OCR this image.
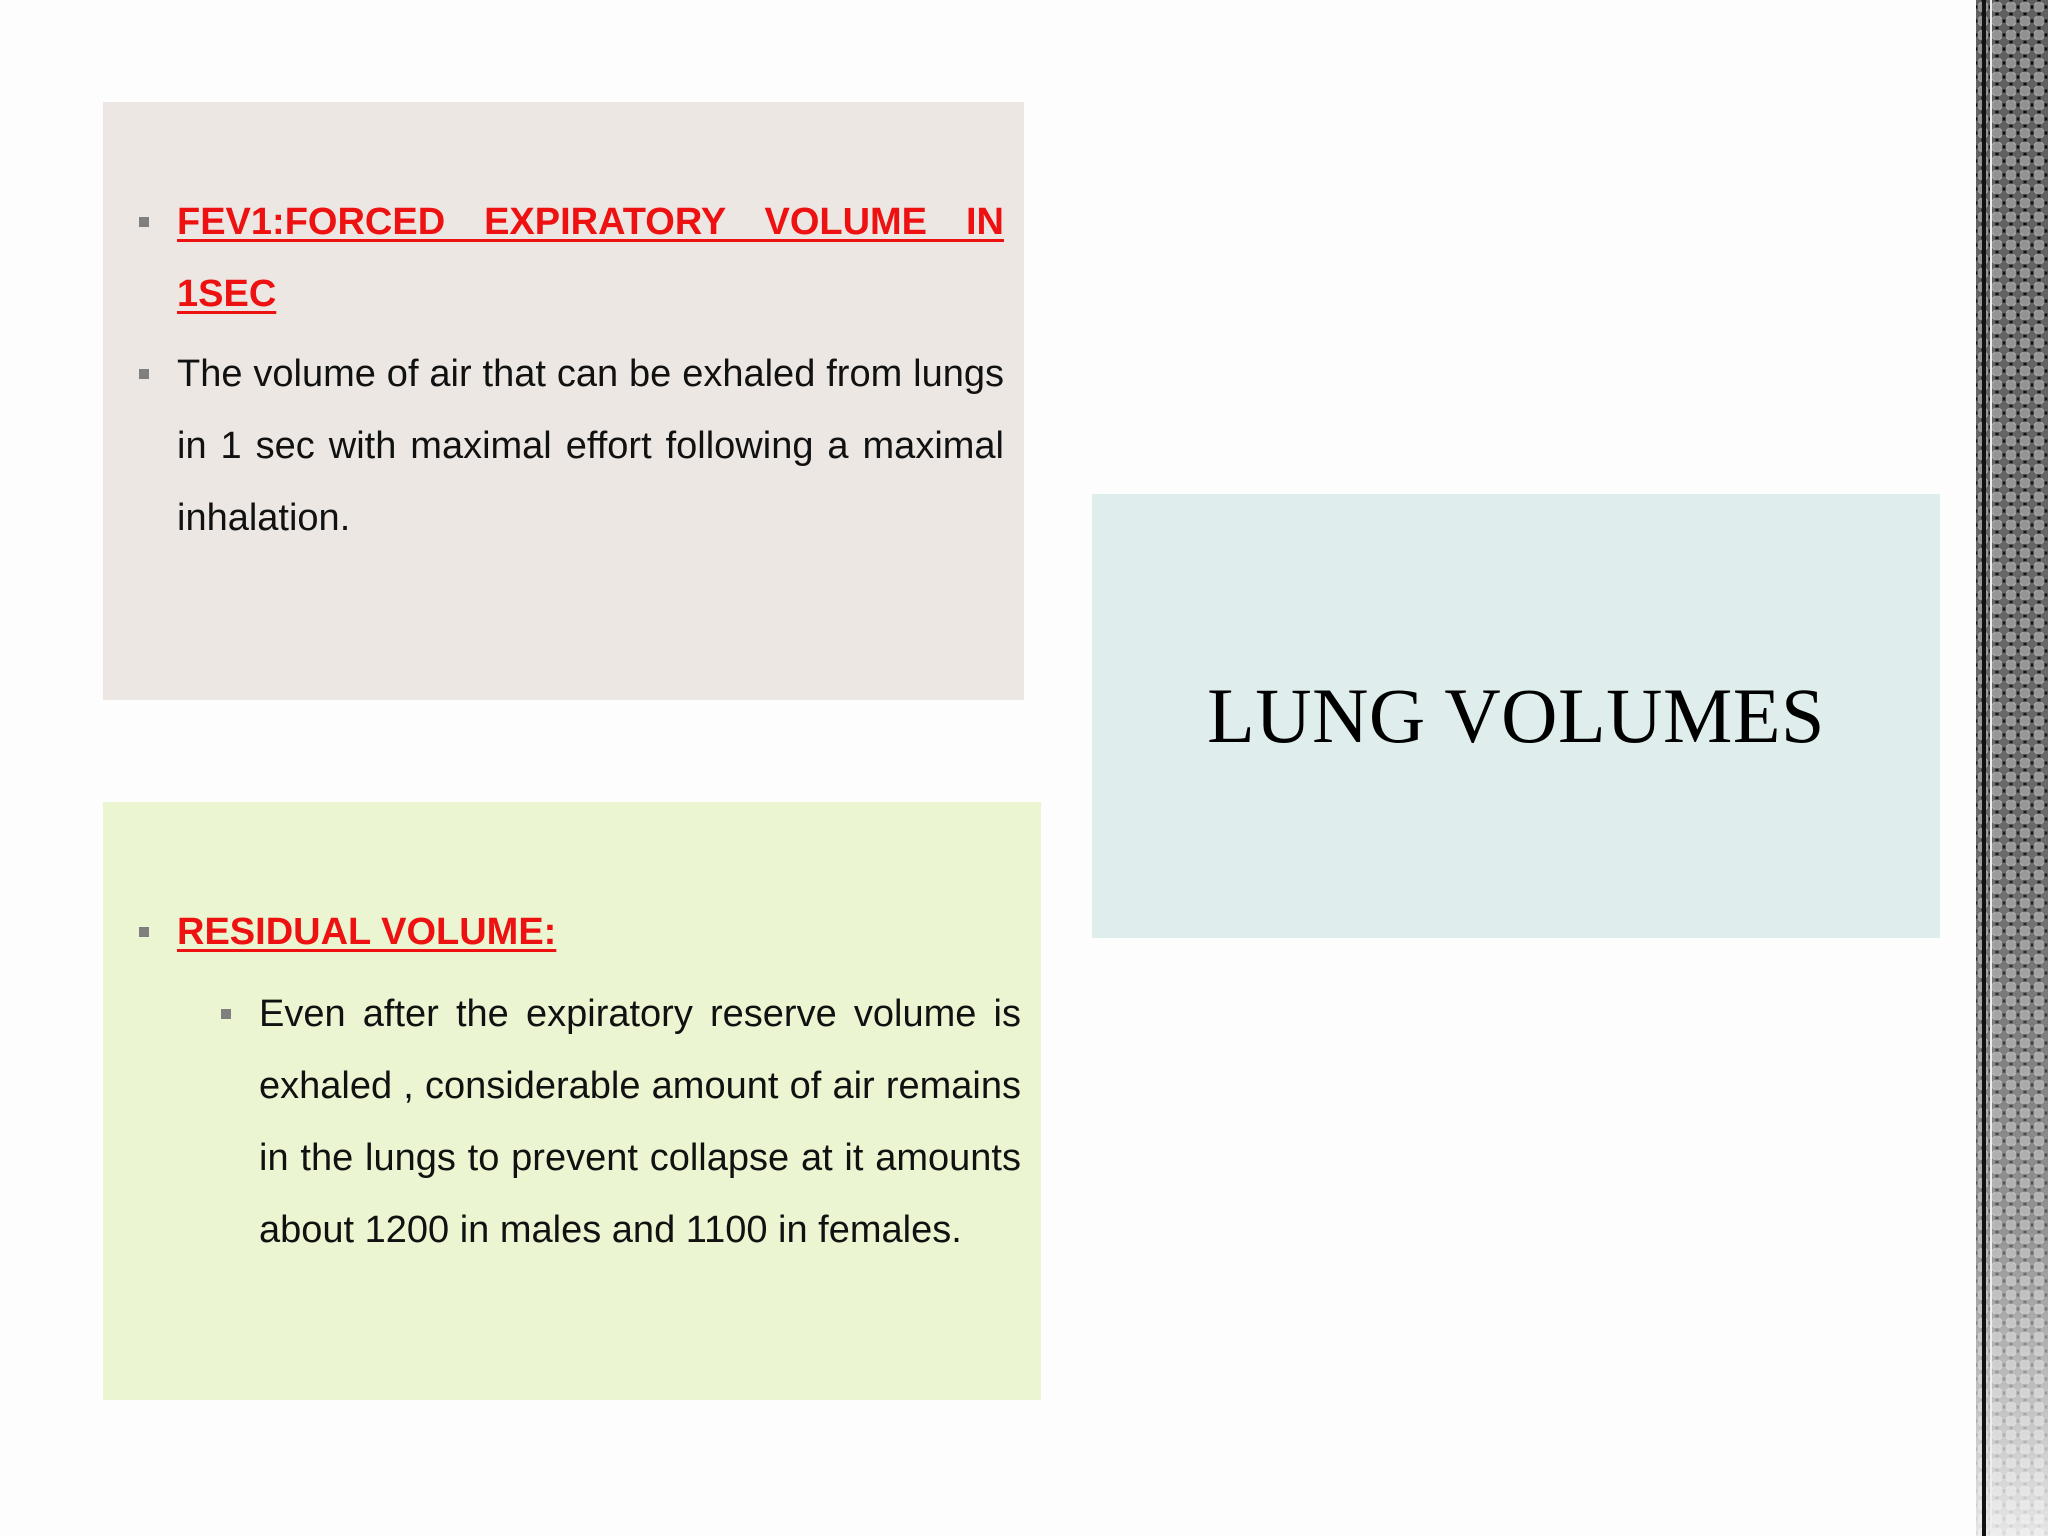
FEV1:FORCED EXPIRATORY VOLUME IN 1SEC
The volume of air that can be exhaled from lungs in 1 sec with maximal effort following a maximal inhalation.
RESIDUAL VOLUME:
Even after the expiratory reserve volume is exhaled , considerable amount of air remains in the lungs to prevent collapse at it amounts about 1200 in males and 1100 in females.
LUNG VOLUMES
